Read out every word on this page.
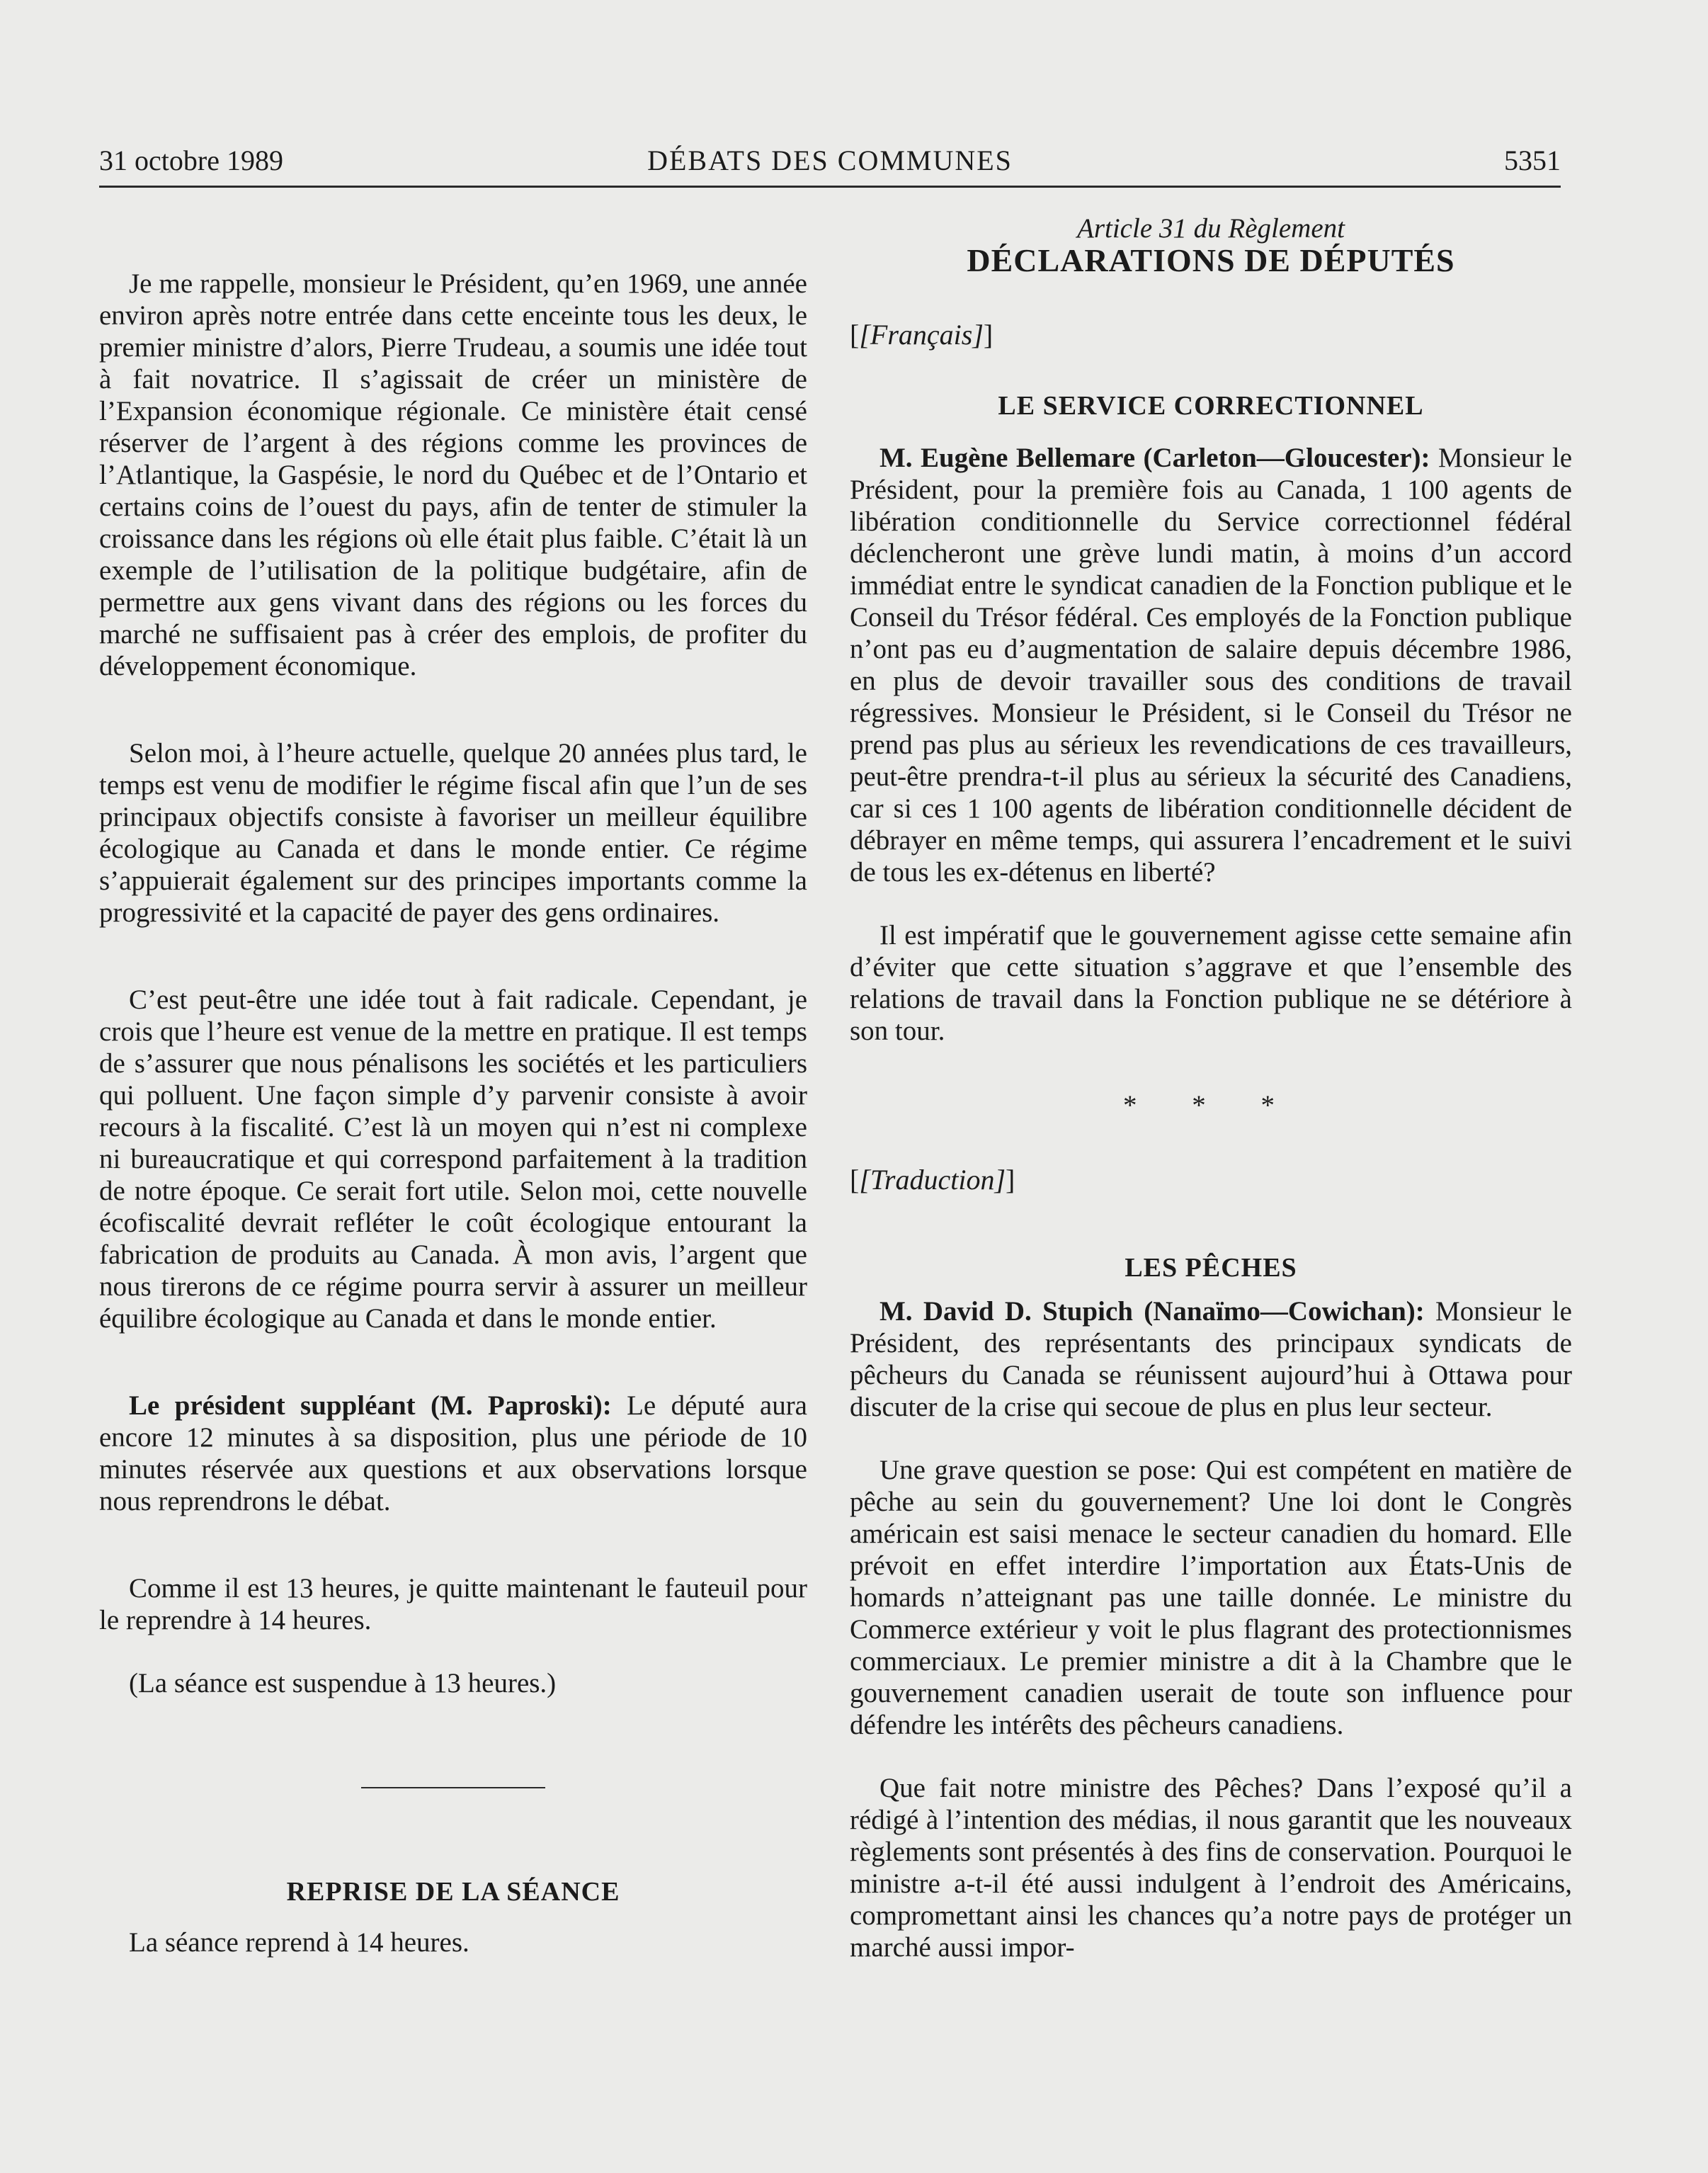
31 octobre 1989	DÉBATS DES COMMUNES	5351

Je me rappelle, monsieur le Président, qu’en 1969, une année environ après notre entrée dans cette enceinte tous les deux, le premier ministre d’alors, Pierre Trudeau, a soumis une idée tout à fait novatrice. Il s’agissait de créer un ministère de l’Expansion économique régionale. Ce ministère était censé réserver de l’argent à des régions comme les provinces de l’Atlantique, la Gaspésie, le nord du Québec et de l’Ontario et certains coins de l’ouest du pays, afin de tenter de stimuler la croissance dans les régions où elle était plus faible. C’était là un exemple de l’utilisation de la politique budgétaire, afin de permettre aux gens vivant dans des régions ou les forces du marché ne suffisaient pas à créer des emplois, de profiter du développement économique.

Selon moi, à l’heure actuelle, quelque 20 années plus tard, le temps est venu de modifier le régime fiscal afin que l’un de ses principaux objectifs consiste à favoriser un meilleur équilibre écologique au Canada et dans le monde entier. Ce régime s’appuierait également sur des principes importants comme la progressivité et la capacité de payer des gens ordinaires.

C’est peut-être une idée tout à fait radicale. Cependant, je crois que l’heure est venue de la mettre en pratique. Il est temps de s’assurer que nous pénalisons les sociétés et les particuliers qui polluent. Une façon simple d’y parvenir consiste à avoir recours à la fiscalité. C’est là un moyen qui n’est ni complexe ni bureaucratique et qui correspond parfaitement à la tradition de notre époque. Ce serait fort utile. Selon moi, cette nouvelle écofiscalité devrait refléter le coût écologique entourant la fabrication de produits au Canada. À mon avis, l’argent que nous tirerons de ce régime pourra servir à assurer un meilleur équilibre écologique au Canada et dans le monde entier.

Le président suppléant (M. Paproski): Le député aura encore 12 minutes à sa disposition, plus une période de 10 minutes réservée aux questions et aux observations lorsque nous reprendrons le débat.

Comme il est 13 heures, je quitte maintenant le fauteuil pour le reprendre à 14 heures.

(La séance est suspendue à 13 heures.)

REPRISE DE LA SÉANCE

La séance reprend à 14 heures.

Article 31 du Règlement

DÉCLARATIONS DE DÉPUTÉS

[[Français]]

LE SERVICE CORRECTIONNEL

M. Eugène Bellemare (Carleton—Gloucester): Monsieur le Président, pour la première fois au Canada, 1 100 agents de libération conditionnelle du Service correctionnel fédéral déclencheront une grève lundi matin, à moins d’un accord immédiat entre le syndicat canadien de la Fonction publique et le Conseil du Trésor fédéral. Ces employés de la Fonction publique n’ont pas eu d’augmentation de salaire depuis décembre 1986, en plus de devoir travailler sous des conditions de travail régressives. Monsieur le Président, si le Conseil du Trésor ne prend pas plus au sérieux les revendications de ces travailleurs, peut-être prendra-t-il plus au sérieux la sécurité des Canadiens, car si ces 1 100 agents de libération conditionnelle décident de débrayer en même temps, qui assurera l’encadrement et le suivi de tous les ex-détenus en liberté?

Il est impératif que le gouvernement agisse cette semaine afin d’éviter que cette situation s’aggrave et que l’ensemble des relations de travail dans la Fonction publique ne se détériore à son tour.

* * *

[[Traduction]]

LES PÊCHES

M. David D. Stupich (Nanaïmo—Cowichan): Monsieur le Président, des représentants des principaux syndicats de pêcheurs du Canada se réunissent aujourd’hui à Ottawa pour discuter de la crise qui secoue de plus en plus leur secteur.

Une grave question se pose: Qui est compétent en matière de pêche au sein du gouvernement? Une loi dont le Congrès américain est saisi menace le secteur canadien du homard. Elle prévoit en effet interdire l’importation aux États-Unis de homards n’atteignant pas une taille donnée. Le ministre du Commerce extérieur y voit le plus flagrant des protectionnismes commerciaux. Le premier ministre a dit à la Chambre que le gouvernement canadien userait de toute son influence pour défendre les intérêts des pêcheurs canadiens.

Que fait notre ministre des Pêches? Dans l’exposé qu’il a rédigé à l’intention des médias, il nous garantit que les nouveaux règlements sont présentés à des fins de conservation. Pourquoi le ministre a-t-il été aussi indulgent à l’endroit des Américains, compromettant ainsi les chances qu’a notre pays de protéger un marché aussi impor-
